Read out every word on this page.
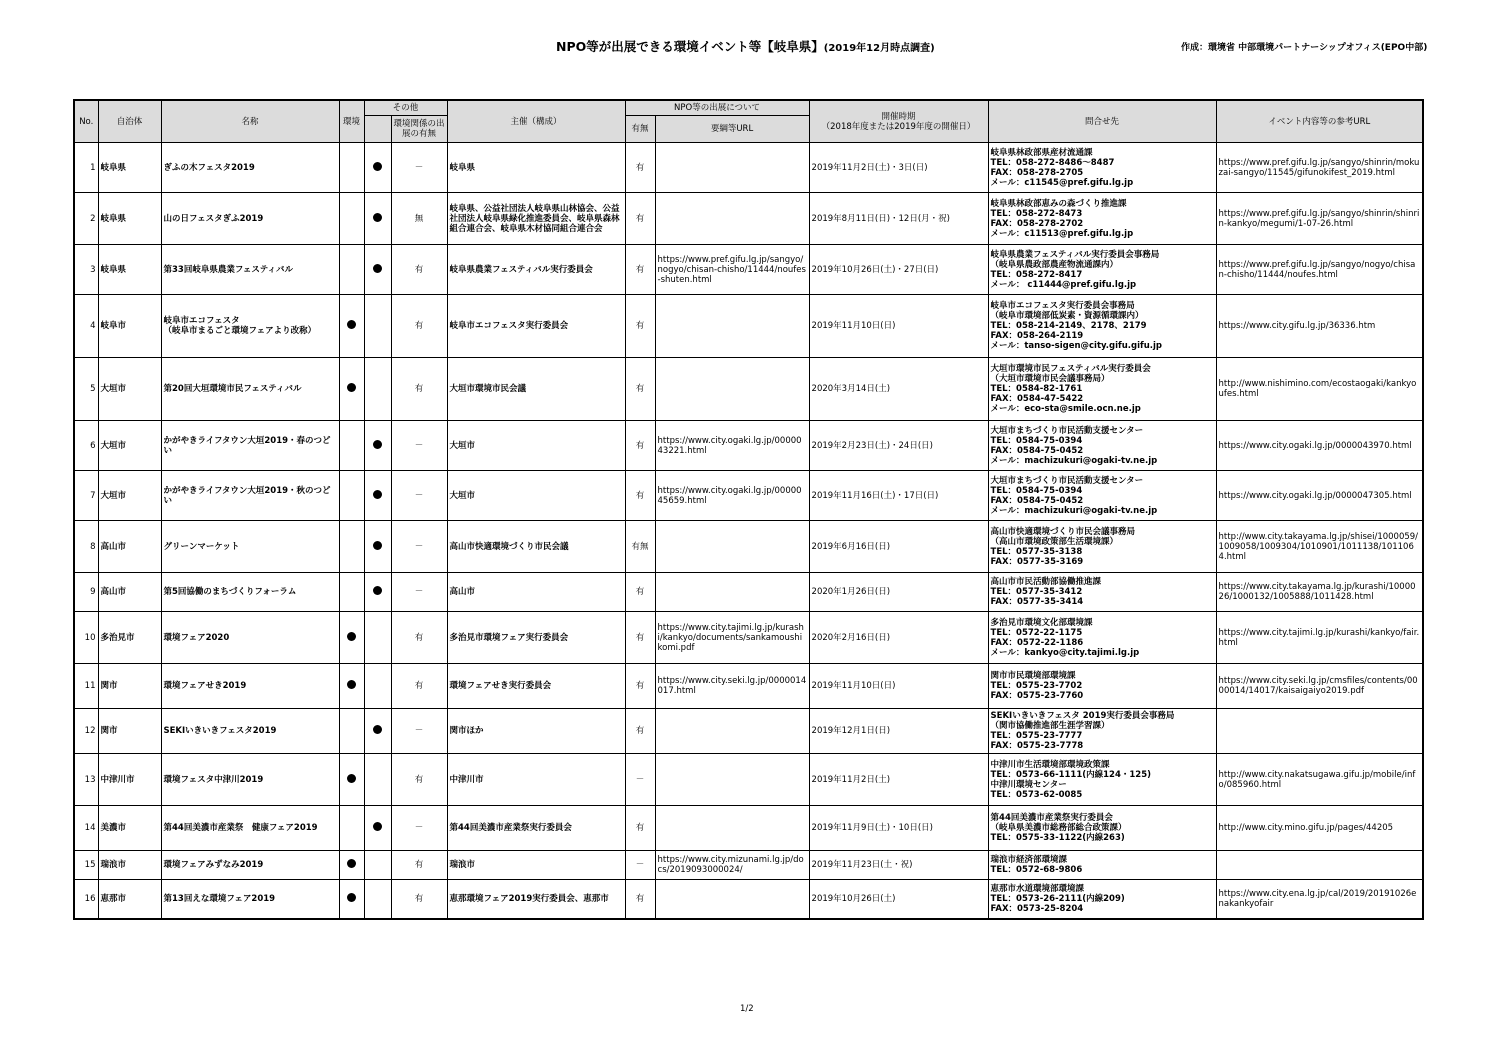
NPO等が出展できる環境イベント等【岐阜県】(2019年12月時点調査)	作成：環境省 中部環境パートナーシップオフィス(EPO中部)
No.	自治体	名称	環境	その他		主催（構成）	NPO等の出展について		開催時期
（2018年度または2019年度の開催日）	問合せ先	イベント内容等の参考URL
					環境関係の出展の有無		有無	要綱等URL			
1	岐阜県	ぎふの木フェスタ2019			－	岐阜県	有		2019年11月2日(土)・3日(日)	岐阜県林政部県産材流通課
TEL：058-272-8486～8487
FAX：058-278-2705
メール：c11545@pref.gifu.lg.jp	https://www.pref.gifu.lg.jp/sangyo/shinrin/mokuzai-sangyo/11545/gifunokifest_2019.html
2	岐阜県	山の日フェスタぎふ2019			無	岐阜県、公益社団法人岐阜県山林協会、公益社団法人岐阜県緑化推進委員会、岐阜県森林組合連合会、岐阜県木材協同組合連合会	有		2019年8月11日(日)・12日(月・祝)	岐阜県林政部恵みの森づくり推進課
TEL：058-272-8473
FAX：058-278-2702
メール：c11513@pref.gifu.lg.jp	https://www.pref.gifu.lg.jp/sangyo/shinrin/shinrin-kankyo/megumi/1-07-26.html
3	岐阜県	第33回岐阜県農業フェスティバル			有	岐阜県農業フェスティバル実行委員会	有	https://www.pref.gifu.lg.jp/sangyo/nogyo/chisan-chisho/11444/noufes-shuten.html	2019年10月26日(土)・27日(日)	岐阜県農業フェスティバル実行委員会事務局
（岐阜県農政部農産物流通課内）
TEL：058-272-8417
メール： c11444@pref.gifu.lg.jp	https://www.pref.gifu.lg.jp/sangyo/nogyo/chisan-chisho/11444/noufes.html
4	岐阜市	岐阜市エコフェスタ
（岐阜市まるごと環境フェアより改称）			有	岐阜市エコフェスタ実行委員会	有		2019年11月10日(日)	岐阜市エコフェスタ実行委員会事務局
（岐阜市環境部低炭素・資源循環課内）
TEL：058-214-2149、2178、2179
FAX：058-264-2119
メール：tanso-sigen@city.gifu.gifu.jp	https://www.city.gifu.lg.jp/36336.htm
5	大垣市	第20回大垣環境市民フェスティバル			有	大垣市環境市民会議	有		2020年3月14日(土)	大垣市環境市民フェスティバル実行委員会
（大垣市環境市民会議事務局）
TEL：0584-82-1761
FAX：0584-47-5422
メール：eco-sta@smile.ocn.ne.jp	http://www.nishimino.com/ecostaogaki/kankyoufes.html
6	大垣市	かがやきライフタウン大垣2019・春のつどい			－	大垣市	有	https://www.city.ogaki.lg.jp/0000043221.html	2019年2月23日(土)・24日(日)	大垣市まちづくり市民活動支援センター
TEL：0584-75-0394
FAX：0584-75-0452
メール：machizukuri@ogaki-tv.ne.jp	https://www.city.ogaki.lg.jp/0000043970.html
7	大垣市	かがやきライフタウン大垣2019・秋のつどい			－	大垣市	有	https://www.city.ogaki.lg.jp/0000045659.html	2019年11月16日(土)・17日(日)	大垣市まちづくり市民活動支援センター
TEL：0584-75-0394
FAX：0584-75-0452
メール：machizukuri@ogaki-tv.ne.jp	https://www.city.ogaki.lg.jp/0000047305.html
8	高山市	グリーンマーケット			－	高山市快適環境づくり市民会議	有無		2019年6月16日(日)	高山市快適環境づくり市民会議事務局
（高山市環境政策部生活環境課）
TEL：0577-35-3138
FAX：0577-35-3169	http://www.city.takayama.lg.jp/shisei/1000059/1009058/1009304/1010901/1011138/1011064.html
9	高山市	第5回協働のまちづくりフォーラム			－	高山市	有		2020年1月26日(日)	高山市市民活動部協働推進課
TEL：0577-35-3412
FAX：0577-35-3414	https://www.city.takayama.lg.jp/kurashi/1000026/1000132/1005888/1011428.html
10	多治見市	環境フェア2020			有	多治見市環境フェア実行委員会	有	https://www.city.tajimi.lg.jp/kurashi/kankyo/documents/sankamoushikomi.pdf	2020年2月16日(日)	多治見市環境文化部環境課
TEL：0572-22-1175
FAX：0572-22-1186
メール：kankyo@city.tajimi.lg.jp	https://www.city.tajimi.lg.jp/kurashi/kankyo/fair.html
11	関市	環境フェアせき2019			有	環境フェアせき実行委員会	有	https://www.city.seki.lg.jp/0000014017.html	2019年11月10日(日)	関市市民環境部環境課
TEL：0575-23-7702
FAX：0575-23-7760	https://www.city.seki.lg.jp/cmsfiles/contents/0000014/14017/kaisaigaiyo2019.pdf
12	関市	SEKIいきいきフェスタ2019			－	関市ほか	有		2019年12月1日(日)	SEKIいきいきフェスタ 2019実行委員会事務局
（関市協働推進部生涯学習課）
TEL：0575-23-7777
FAX：0575-23-7778	
13	中津川市	環境フェスタ中津川2019			有	中津川市	－		2019年11月2日(土)	中津川市生活環境部環境政策課
TEL：0573-66-1111(内線124・125)
中津川環境センター
TEL：0573-62-0085	http://www.city.nakatsugawa.gifu.jp/mobile/info/085960.html
14	美濃市	第44回美濃市産業祭　健康フェア2019			－	第44回美濃市産業祭実行委員会	有		2019年11月9日(土)・10日(日)	第44回美濃市産業祭実行委員会
（岐阜県美濃市総務部総合政策課）
TEL：0575-33-1122(内線263)	http://www.city.mino.gifu.jp/pages/44205
15	瑞浪市	環境フェアみずなみ2019			有	瑞浪市	－	https://www.city.mizunami.lg.jp/docs/2019093000024/	2019年11月23日(土・祝)	瑞浪市経済部環境課
TEL：0572-68-9806	
16	恵那市	第13回えな環境フェア2019			有	恵那環境フェア2019実行委員会、恵那市	有		2019年10月26日(土)	恵那市水道環境部環境課
TEL：0573-26-2111(内線209)
FAX：0573-25-8204	https://www.city.ena.lg.jp/cal/2019/20191026enakankyofair
1/2
